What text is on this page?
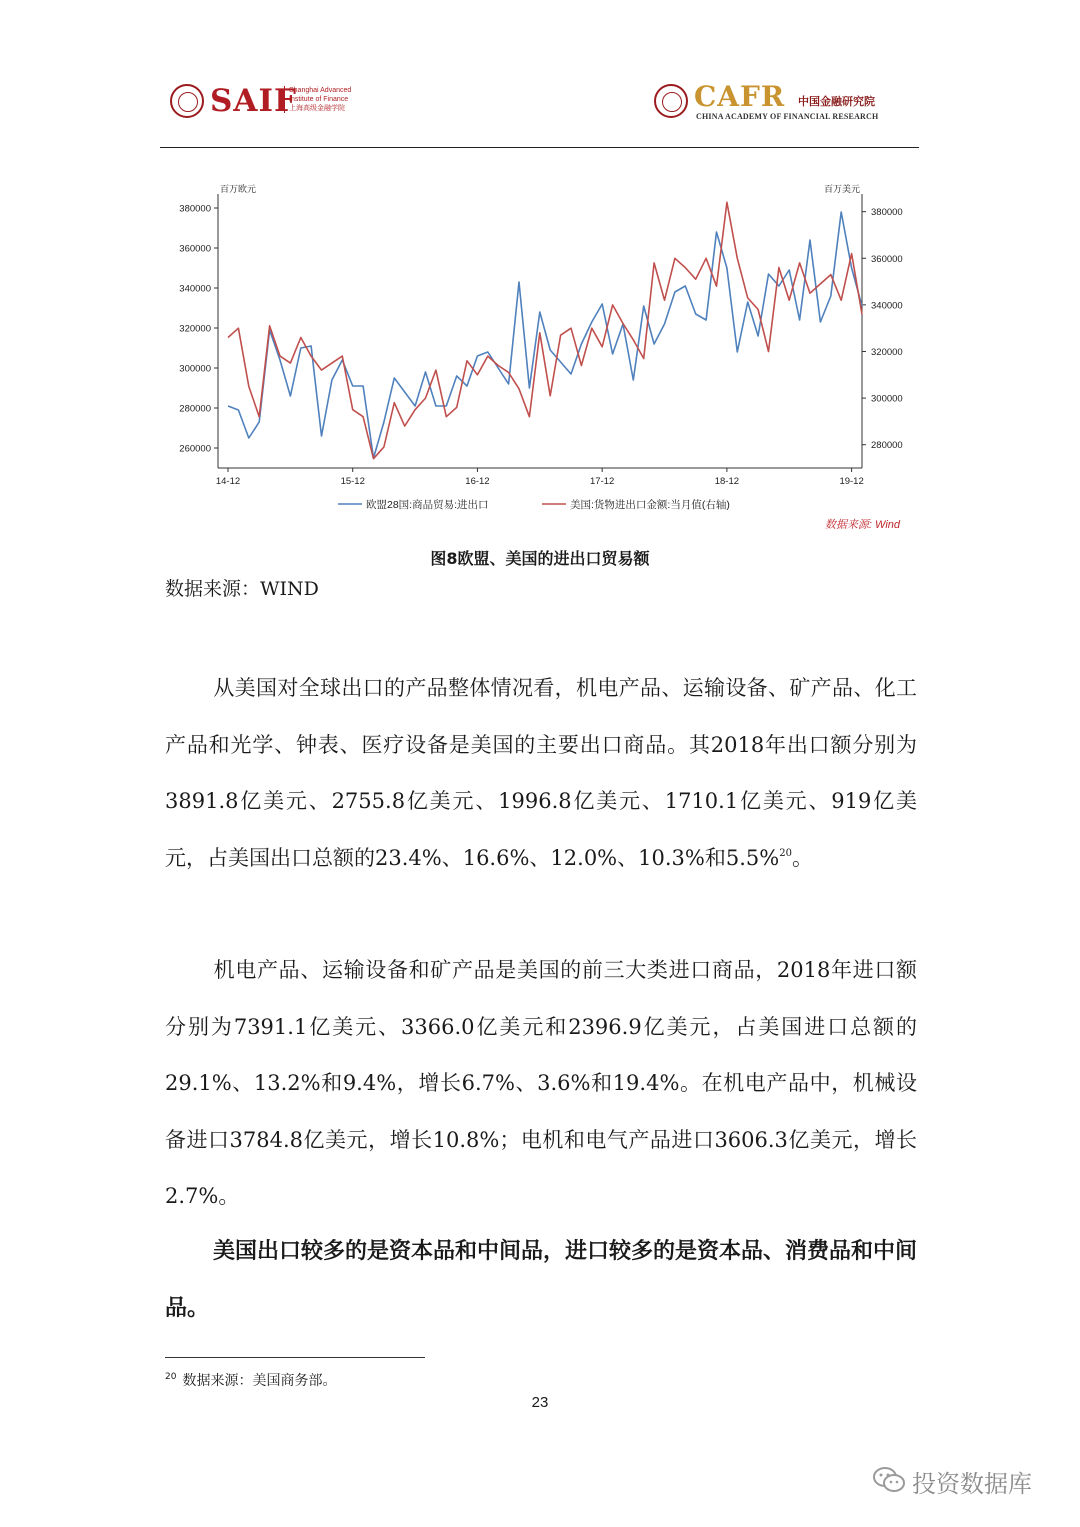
SAIF
Shanghai Advanced
Institute of Finance
上海高级金融学院	CAFR 中国金融研究院
CHINA ACADEMY OF FINANCIAL RESEARCH
百万欧元	百万美元
260000
280000
300000
320000
340000
360000
380000
280000
300000
320000
340000
360000
380000
14-12	15-12	16-12	17-12	18-12	19-12
欧盟28国:商品贸易:进出口	美国:货物进出口金额:当月值(右轴)
数据来源: Wind
图8欧盟、美国的进出口贸易额
数据来源：WIND

从美国对全球出口的产品整体情况看，机电产品、运输设备、矿产品、化工产品和光学、钟表、医疗设备是美国的主要出口商品。其2018年出口额分别为3891.8亿美元、2755.8亿美元、1996.8亿美元、1710.1亿美元、919亿美元，占美国出口总额的23.4%、16.6%、12.0%、10.3%和5.5%$^{20}$。

机电产品、运输设备和矿产品是美国的前三大类进口商品，2018年进口额分别为7391.1亿美元、3366.0亿美元和2396.9亿美元，占美国进口总额的29.1%、13.2%和9.4%，增长6.7%、3.6%和19.4%。在机电产品中，机械设备进口3784.8亿美元，增长10.8%；电机和电气产品进口3606.3亿美元，增长2.7%。

美国出口较多的是资本品和中间品，进口较多的是资本品、消费品和中间品。

$^{20}$ 数据来源：美国商务部。
23
投资数据库
